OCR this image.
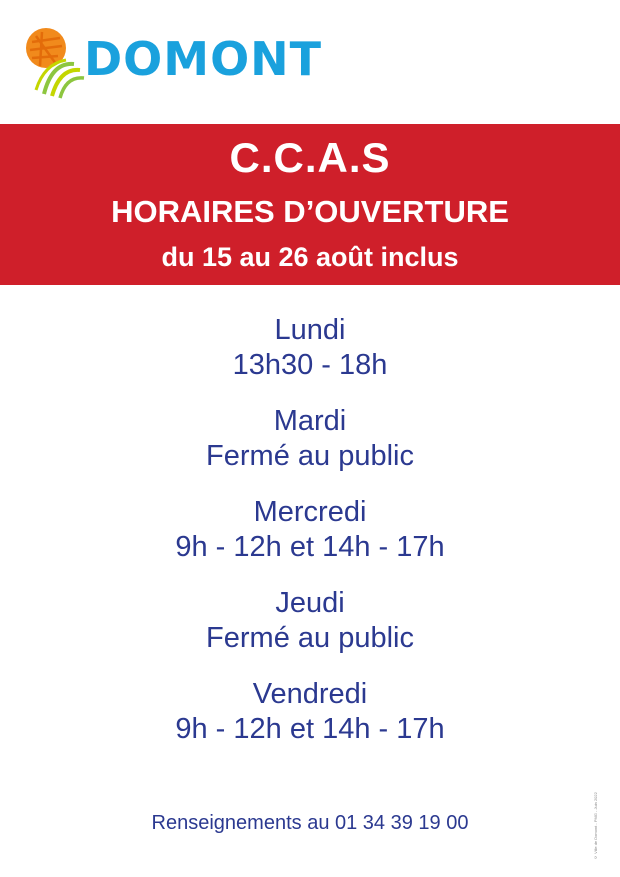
DOMONT
C.C.A.S
HORAIRES D’OUVERTURE
du 15 au 26 août inclus
Lundi
13h30 - 18h
Mardi
Fermé au public
Mercredi
9h - 12h et 14h - 17h
Jeudi
Fermé au public
Vendredi
9h - 12h et 14h - 17h
Renseignements au 01 34 39 19 00	© Ville de Domont - PMG - Juin 2022
